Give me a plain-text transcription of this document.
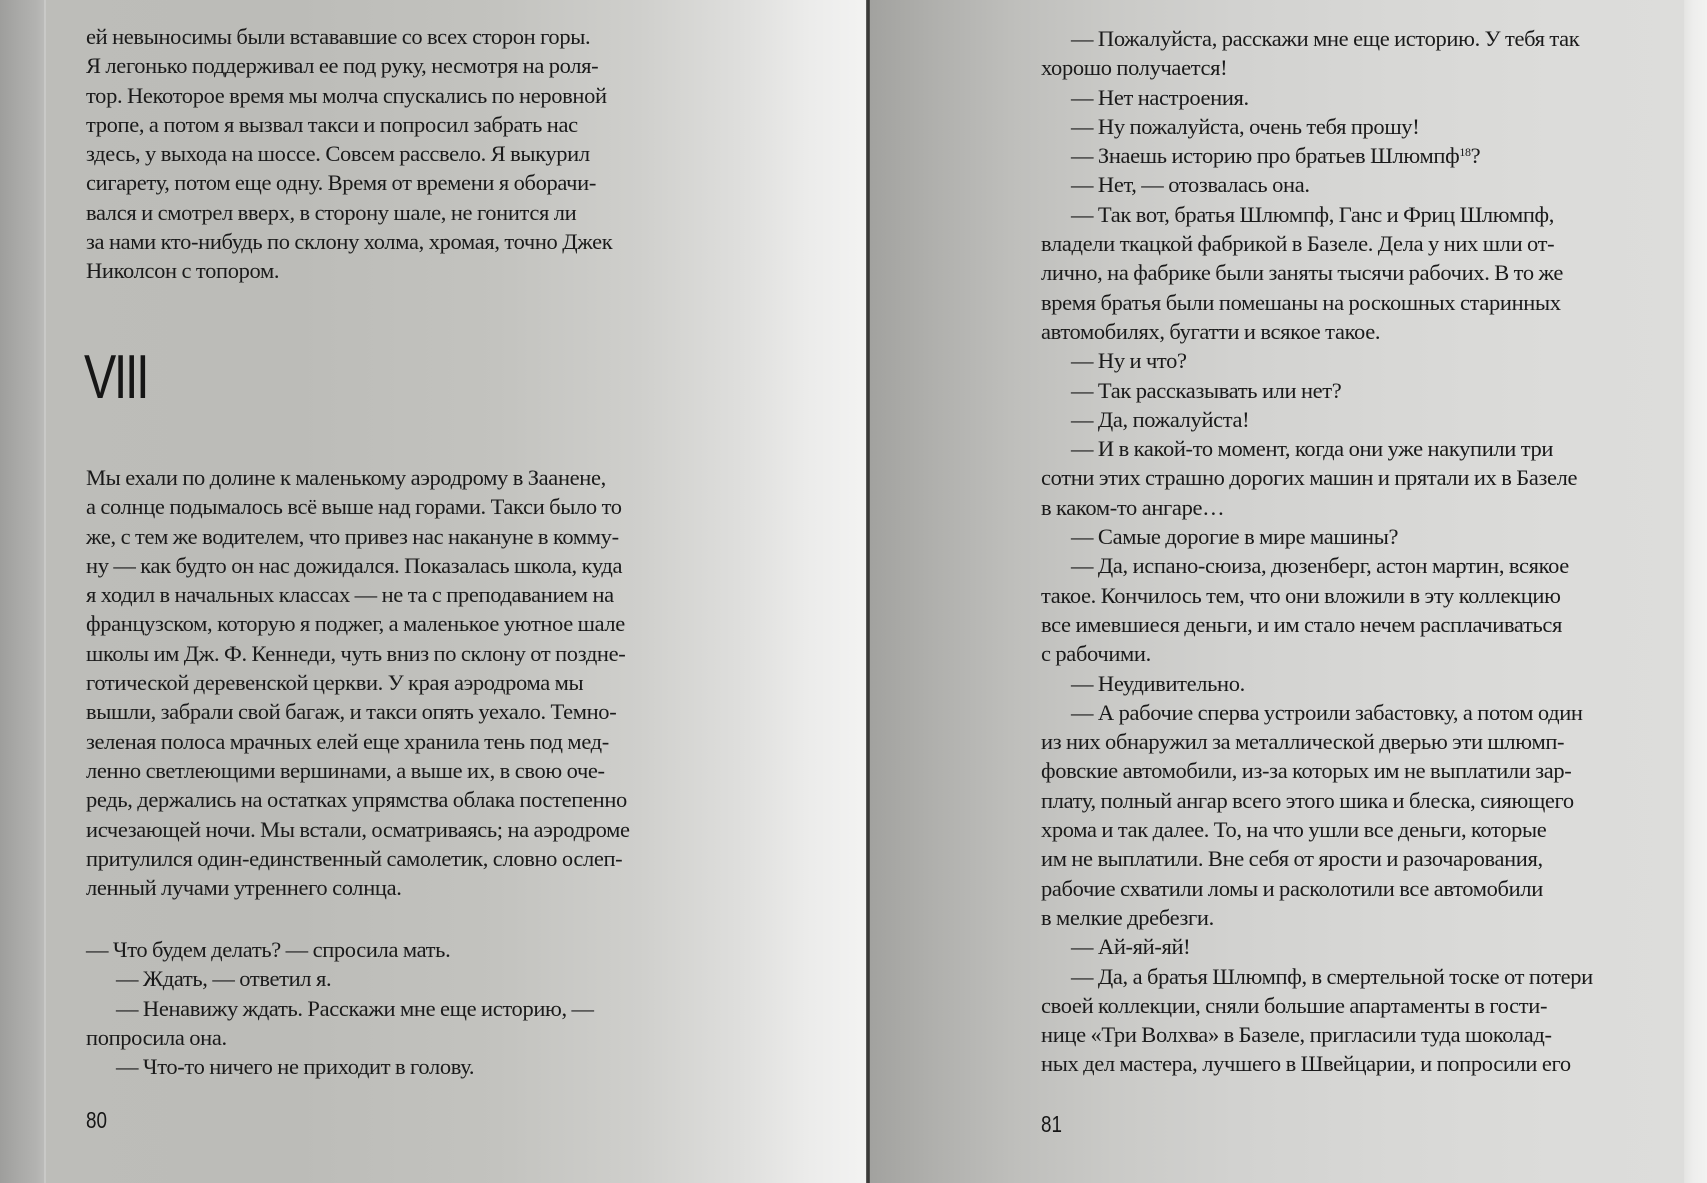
ей невыносимы были встававшие со всех сторон горы.
Я легонько поддерживал ее под руку, несмотря на роля-
тор. Некоторое время мы молча спускались по неровной
тропе, а потом я вызвал такси и попросил забрать нас
здесь, у выхода на шоссе. Совсем рассвело. Я выкурил
сигарету, потом еще одну. Время от времени я оборачи-
вался и смотрел вверх, в сторону шале, не гонится ли
за нами кто-нибудь по склону холма, хромая, точно Джек
Николсон с топором.
VIII
Мы ехали по долине к маленькому аэродрому в Заанене,
а солнце подымалось всё выше над горами. Такси было то
же, с тем же водителем, что привез нас накануне в комму-
ну — как будто он нас дожидался. Показалась школа, куда
я ходил в начальных классах — не та с преподаванием на
французском, которую я поджег, а маленькое уютное шале
школы им Дж. Ф. Кеннеди, чуть вниз по склону от поздне-
готической деревенской церкви. У края аэродрома мы
вышли, забрали свой багаж, и такси опять уехало. Темно-
зеленая полоса мрачных елей еще хранила тень под мед-
ленно светлеющими вершинами, а выше их, в свою оче-
редь, держались на остатках упрямства облака постепенно
исчезающей ночи. Мы встали, осматриваясь; на аэродроме
притулился один-единственный самолетик, словно ослеп-
ленный лучами утреннего солнца.
— Что будем делать? — спросила мать.
— Ждать, — ответил я.
— Ненавижу ждать. Расскажи мне еще историю, —
попросила она.
— Что-то ничего не приходит в голову.
80
— Пожалуйста, расскажи мне еще историю. У тебя так
хорошо получается!
— Нет настроения.
— Ну пожалуйста, очень тебя прошу!
— Знаешь историю про братьев Шлюмпф$^{18}$?
— Нет, — отозвалась она.
— Так вот, братья Шлюмпф, Ганс и Фриц Шлюмпф,
владели ткацкой фабрикой в Базеле. Дела у них шли от-
лично, на фабрике были заняты тысячи рабочих. В то же
время братья были помешаны на роскошных старинных
автомобилях, бугатти и всякое такое.
— Ну и что?
— Так рассказывать или нет?
— Да, пожалуйста!
— И в какой-то момент, когда они уже накупили три
сотни этих страшно дорогих машин и прятали их в Базеле
в каком-то ангаре…
— Самые дорогие в мире машины?
— Да, испано-сюиза, дюзенберг, астон мартин, всякое
такое. Кончилось тем, что они вложили в эту коллекцию
все имевшиеся деньги, и им стало нечем расплачиваться
с рабочими.
— Неудивительно.
— А рабочие сперва устроили забастовку, а потом один
из них обнаружил за металлической дверью эти шлюмп-
фовские автомобили, из-за которых им не выплатили зар-
плату, полный ангар всего этого шика и блеска, сияющего
хрома и так далее. То, на что ушли все деньги, которые
им не выплатили. Вне себя от ярости и разочарования,
рабочие схватили ломы и расколотили все автомобили
в мелкие дребезги.
— Ай-яй-яй!
— Да, а братья Шлюмпф, в смертельной тоске от потери
своей коллекции, сняли большие апартаменты в гости-
нице «Три Волхва» в Базеле, пригласили туда шоколад-
ных дел мастера, лучшего в Швейцарии, и попросили его
81
